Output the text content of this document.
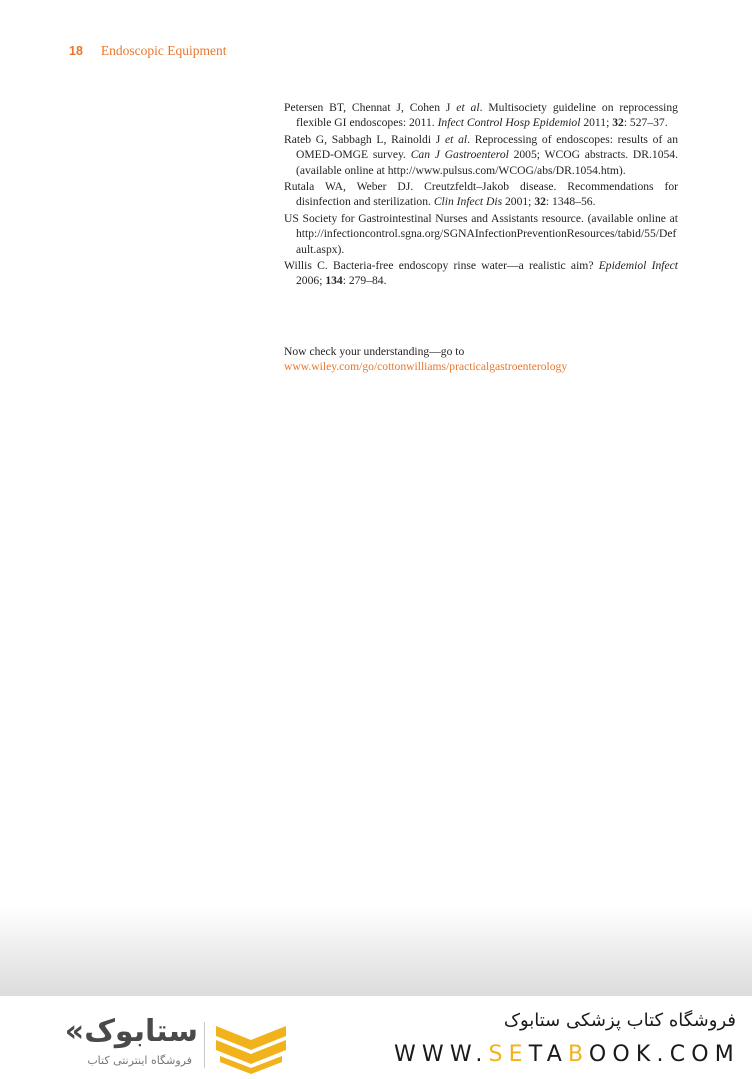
18 Endoscopic Equipment

Petersen BT, Chennat J, Cohen J et al. Multisociety guideline on reprocessing flexible GI endoscopes: 2011. Infect Control Hosp Epidemiol 2011; 32: 527–37.

Rateb G, Sabbagh L, Rainoldi J et al. Reprocessing of endoscopes: results of an OMED-OMGE survey. Can J Gastroenterol 2005; WCOG abstracts. DR.1054. (available online at http://www.pulsus.com/WCOG/abs/DR.1054.htm).

Rutala WA, Weber DJ. Creutzfeldt–Jakob disease. Recommendations for disinfection and sterilization. Clin Infect Dis 2001; 32: 1348–56.

US Society for Gastrointestinal Nurses and Assistants resource. (available online at http://infectioncontrol.sgna.org/SGNAInfectionPreventionResources/tabid/55/Default.aspx).

Willis C. Bacteria-free endoscopy rinse water—a realistic aim? Epidemiol Infect 2006; 134: 279–84.

Now check your understanding—go to
www.wiley.com/go/cottonwilliams/practicalgastroenterology
«ستابوک
فروشگاه اینترنتی کتاب
فروشگاه کتاب پزشکی ستابوک
WWW.SETABOOK.COM
